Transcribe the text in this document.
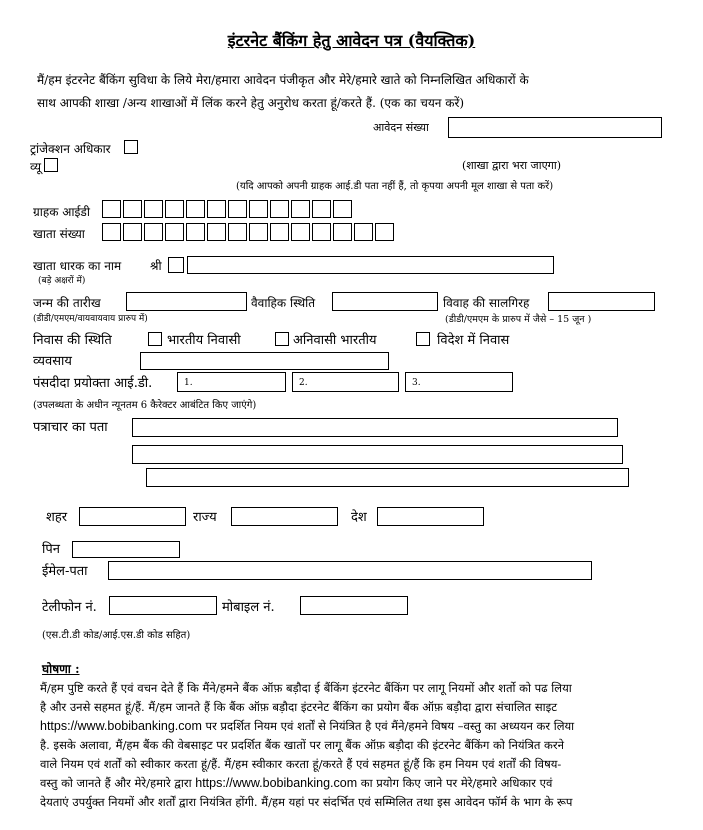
इंटरनेट बैंकिंग हेतु आवेदन पत्र (वैयक्तिक)
मैं/हम इंटरनेट बैंकिंग सुविधा के लिये मेरा/हमारा आवेदन पंजीकृत और मेरे/हमारे खाते को निम्नलिखित अधिकारों के
साथ आपकी शाखा /अन्य शाखाओं में लिंक करने हेतु अनुरोध करता हूं/करते हैं. (एक का चयन करें)
आवेदन संख्या
ट्रांजेक्शन अधिकार
व्यू	(शाखा द्वारा भरा जाएगा)
(यदि आपको अपनी ग्राहक आई.डी पता नहीं हैं, तो कृपया अपनी मूल शाखा से पता करें)
ग्राहक आईडी
खाता संख्या
खाता धारक का नाम श्री
(बड़े अक्षरों में)
जन्म की तारीख	वैवाहिक स्थिति	विवाह की सालगिरह
(डीडी/एमएम/वायवायवाय प्रारुप में)	(डीडी/एमएम के प्रारुप में जैसे – 15 जून )
निवास की स्थिति	भारतीय निवासी	अनिवासी भारतीय	विदेश में निवास
व्यवसाय
पंसदीदा प्रयोक्ता आई.डी.	1.	2.	3.
(उपलब्धता के अधीन न्यूनतम 6 कैरेक्टर आबंटित किए जाएंगे)
पत्राचार का पता
शहर	राज्य	देश
पिन
ईमेल-पता
टेलीफोन नं.	मोबाइल नं.
(एस.टी.डी कोड/आई.एस.डी कोड सहित)
घोषणा :
मैं/हम पुष्टि करते हैं एवं वचन देते हैं कि मैंने/हमने बैंक ऑफ़ बड़ौदा ई बैंकिंग इंटरनेट बैंकिंग पर लागू नियमों और शर्तो को पढ लिया
है और उनसे सहमत हूं/हैं. मैं/हम जानते हैं कि बैंक ऑफ़ बड़ौदा इंटरनेट बैंकिंग का प्रयोग बैंक ऑफ़ बड़ौदा द्वारा संचालित साइट
https://www.bobibanking.com पर प्रदर्शित नियम एवं शर्तों से नियंत्रित है एवं मैंने/हमने विषय –वस्तु का अध्ययन कर लिया
है. इसके अलावा, मैं/हम बैंक की वेबसाइट पर प्रदर्शित बैंक खातों पर लागू बैंक ऑफ़ बड़ौदा की इंटरनेट बैंकिंग को नियंत्रित करने
वाले नियम एवं शर्तों को स्वीकार करता हूं/हैं. मैं/हम स्वीकार करता हूं/करते हैं एवं सहमत हूं/हैं कि हम नियम एवं शर्तों की विषय-
वस्तु को जानते हैं और मेरे/हमारे द्वारा https://www.bobibanking.com का प्रयोग किए जाने पर मेरे/हमारे अधिकार एवं
देयताएं उपर्युक्त नियमों और शर्तों द्वारा नियंत्रित होंगी. मैं/हम यहां पर संदर्भित एवं सम्मिलित तथा इस आवेदन फॉर्म के भाग के रूप
